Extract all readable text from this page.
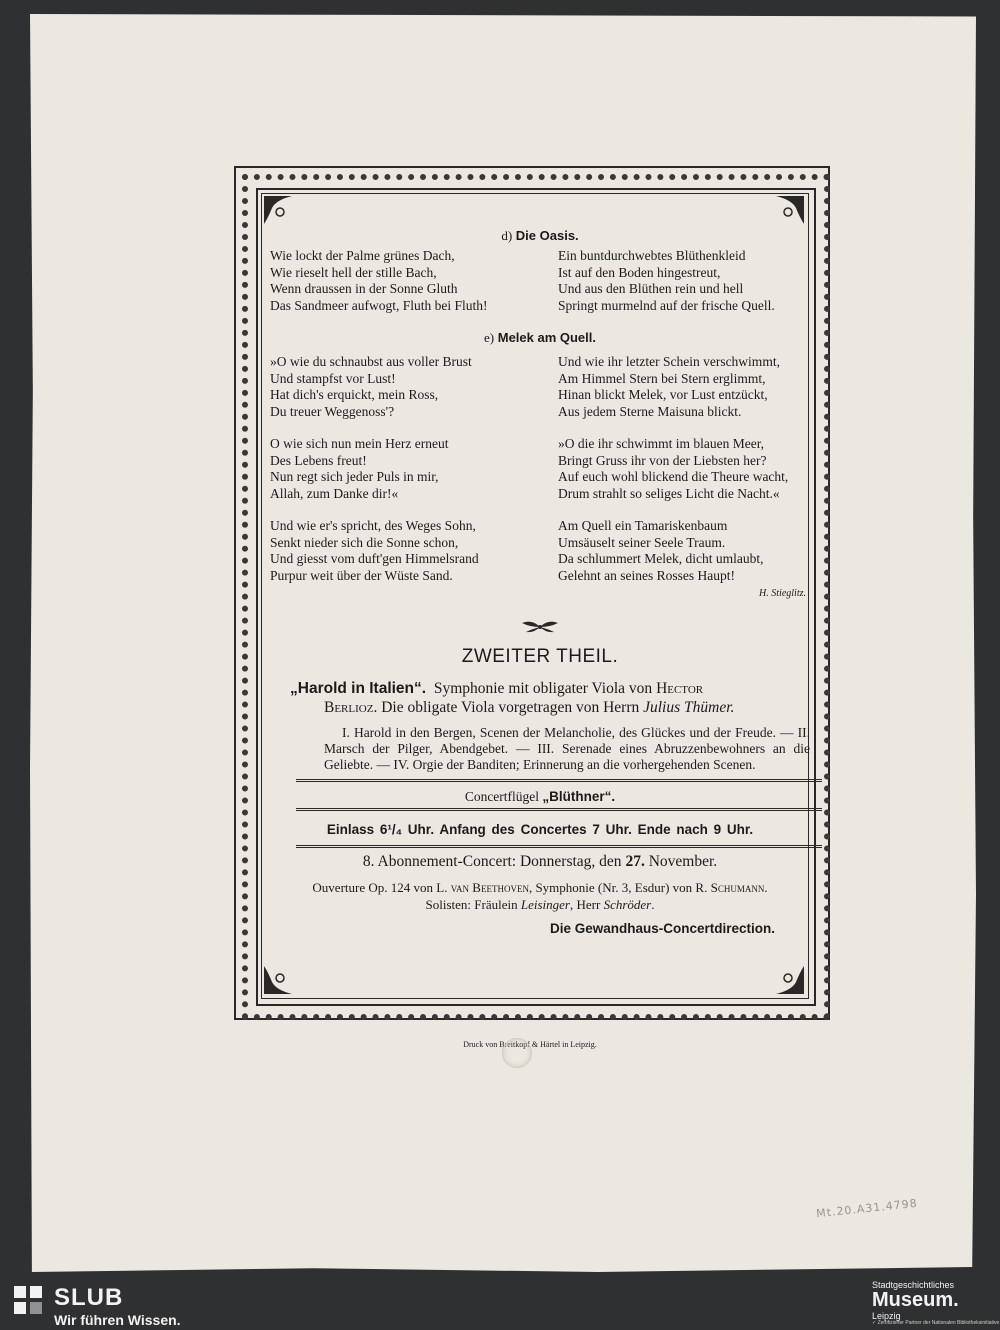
d) Die Oasis.

Wie lockt der Palme grünes Dach,

Wie rieselt hell der stille Bach,

Wenn draussen in der Sonne Gluth

Das Sandmeer aufwogt, Fluth bei Fluth!

Ein buntdurchwebtes Blüthenkleid

Ist auf den Boden hingestreut,

Und aus den Blüthen rein und hell

Springt murmelnd auf der frische Quell.

e) Melek am Quell.

»O wie du schnaubst aus voller Brust

Und stampfst vor Lust!

Hat dich's erquickt, mein Ross,

Du treuer Weggenoss'?

O wie sich nun mein Herz erneut

Des Lebens freut!

Nun regt sich jeder Puls in mir,

Allah, zum Danke dir!«

Und wie er's spricht, des Weges Sohn,

Senkt nieder sich die Sonne schon,

Und giesst vom duft'gen Himmelsrand

Purpur weit über der Wüste Sand.

Und wie ihr letzter Schein verschwimmt,

Am Himmel Stern bei Stern erglimmt,

Hinan blickt Melek, vor Lust entzückt,

Aus jedem Sterne Maisuna blickt.

»O die ihr schwimmt im blauen Meer,

Bringt Gruss ihr von der Liebsten her?

Auf euch wohl blickend die Theure wacht,

Drum strahlt so seliges Licht die Nacht.«

Am Quell ein Tamariskenbaum

Umsäuselt seiner Seele Traum.

Da schlummert Melek, dicht umlaubt,

Gelehnt an seines Rosses Haupt!

H. Stieglitz.
ZWEITER THEIL.
„Harold in Italien“. Symphonie mit obligater Viola von Hector
Berlioz. Die obligate Viola vorgetragen von Herrn Julius Thümer.
I. Harold in den Bergen, Scenen der Melancholie, des Glückes und der Freude. — II. Marsch der Pilger, Abendgebet. — III. Serenade eines Abruzzenbewohners an die Geliebte. — IV. Orgie der Banditen; Erinnerung an die vorhergehenden Scenen.
Concertflügel „Blüthner“.
Einlass 6¹/₄ Uhr. Anfang des Concertes 7 Uhr. Ende nach 9 Uhr.
8. Abonnement-Concert: Donnerstag, den 27. November.
Ouverture Op. 124 von L. van Beethoven, Symphonie (Nr. 3, Esdur) von R. Schumann.
Solisten: Fräulein Leisinger, Herr Schröder.
Die Gewandhaus-Concertdirection.
Druck von Breitkopf & Härtel in Leipzig.
Mt.20.A31.4798
SLUB
Wir führen Wissen.
Stadtgeschichtliches
Museum.
Leipzig
✓ Zertifizierter Partner der Nationalen Bibliotheksinitiative
